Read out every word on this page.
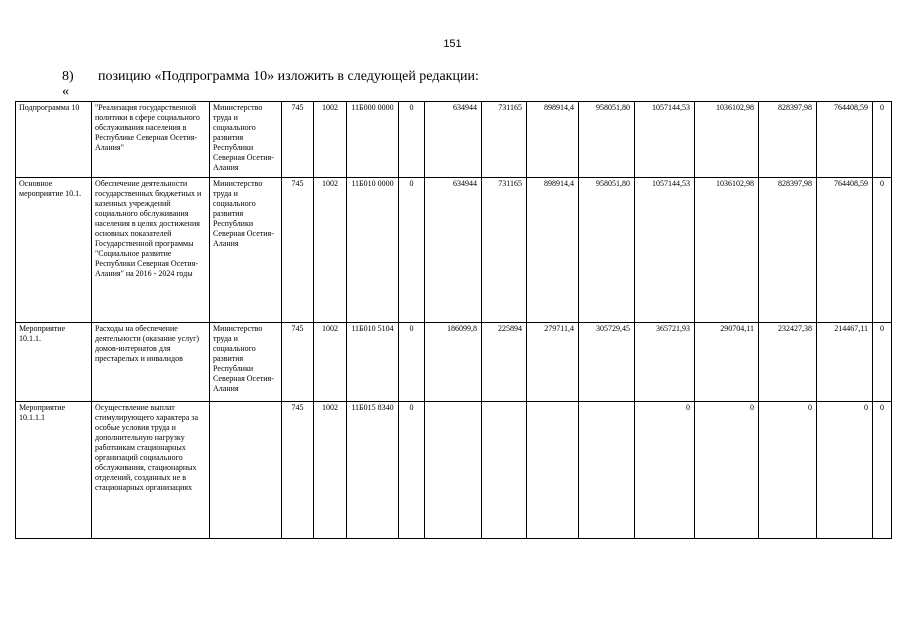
151
8) позицию «Подпрограмма 10» изложить в следующей редакции:
«
Подпрограмма 10	"Реализация государственной политики в сфере социального обслуживания населения в Республике Северная Осетия-Алания"	Министерство труда и социального развития Республики Северная Осетия-Алания	745	1002	11Б000 0000	0	634944	731165	898914,4	958051,80	1057144,53	1036102,98	828397,98	764408,59	0
Основное мероприятие 10.1.	Обеспечение деятельности государственных бюджетных и казенных учреждений социального обслуживания населения в целях достижения основных показателей Государственной программы "Социальное развитие Республики Северная Осетия-Алания" на 2016 - 2024 годы	Министерство труда и социального развития Республики Северная Осетия-Алания	745	1002	11Б010 0000	0	634944	731165	898914,4	958051,80	1057144,53	1036102,98	828397,98	764408,59	0
Мероприятие 10.1.1.	Расходы на обеспечение деятельности (оказание услуг) домов-интернатов для престарелых и инвалидов	Министерство труда и социального развития Республики Северная Осетия-Алания	745	1002	11Б010 5104	0	186099,8	225894	279711,4	305729,45	365721,93	290704,11	232427,38	214467,11	0
Мероприятие 10.1.1.1	Осуществление выплат стимулирующего характера за особые условия труда и дополнительную нагрузку работникам стационарных организаций социального обслуживания, стационарных отделений, созданных не в стационарных организациях		745	1002	11Б015 8340	0					0	0	0	0	0
